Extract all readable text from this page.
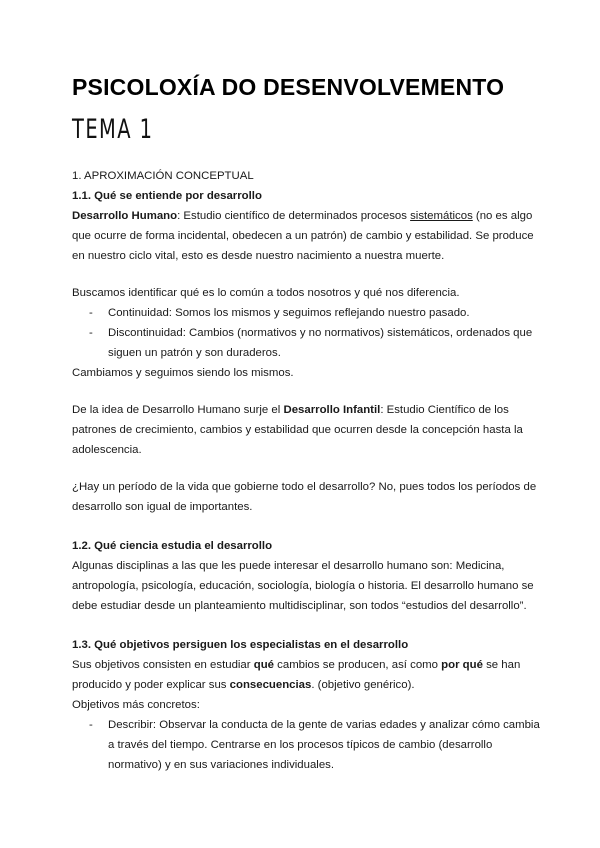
PSICOLOXÍA DO DESENVOLVEMENTO
TEMA 1

1. APROXIMACIÓN CONCEPTUAL

1.1. Qué se entiende por desarrollo

Desarrollo Humano: Estudio científico de determinados procesos sistemáticos (no es algo que ocurre de forma incidental, obedecen a un patrón) de cambio y estabilidad. Se produce en nuestro ciclo vital, esto es desde nuestro nacimiento a nuestra muerte.

Buscamos identificar qué es lo común a todos nosotros y qué nos diferencia.

- Continuidad: Somos los mismos y seguimos reflejando nuestro pasado.
- Discontinuidad: Cambios (normativos y no normativos) sistemáticos, ordenados que siguen un patrón y son duraderos.

Cambiamos y seguimos siendo los mismos.

De la idea de Desarrollo Humano surje el Desarrollo Infantil: Estudio Científico de los patrones de crecimiento, cambios y estabilidad que ocurren desde la concepción hasta la adolescencia.

¿Hay un período de la vida que gobierne todo el desarrollo? No, pues todos los períodos de desarrollo son igual de importantes.

1.2. Qué ciencia estudia el desarrollo

Algunas disciplinas a las que les puede interesar el desarrollo humano son: Medicina, antropología, psicología, educación, sociología, biología o historia. El desarrollo humano se debe estudiar desde un planteamiento multidisciplinar, son todos “estudios del desarrollo”.

1.3. Qué objetivos persiguen los especialistas en el desarrollo

Sus objetivos consisten en estudiar qué cambios se producen, así como por qué se han producido y poder explicar sus consecuencias. (objetivo genérico).

Objetivos más concretos:

- Describir: Observar la conducta de la gente de varias edades y analizar cómo cambia a través del tiempo. Centrarse en los procesos típicos de cambio (desarrollo normativo) y en sus variaciones individuales.
